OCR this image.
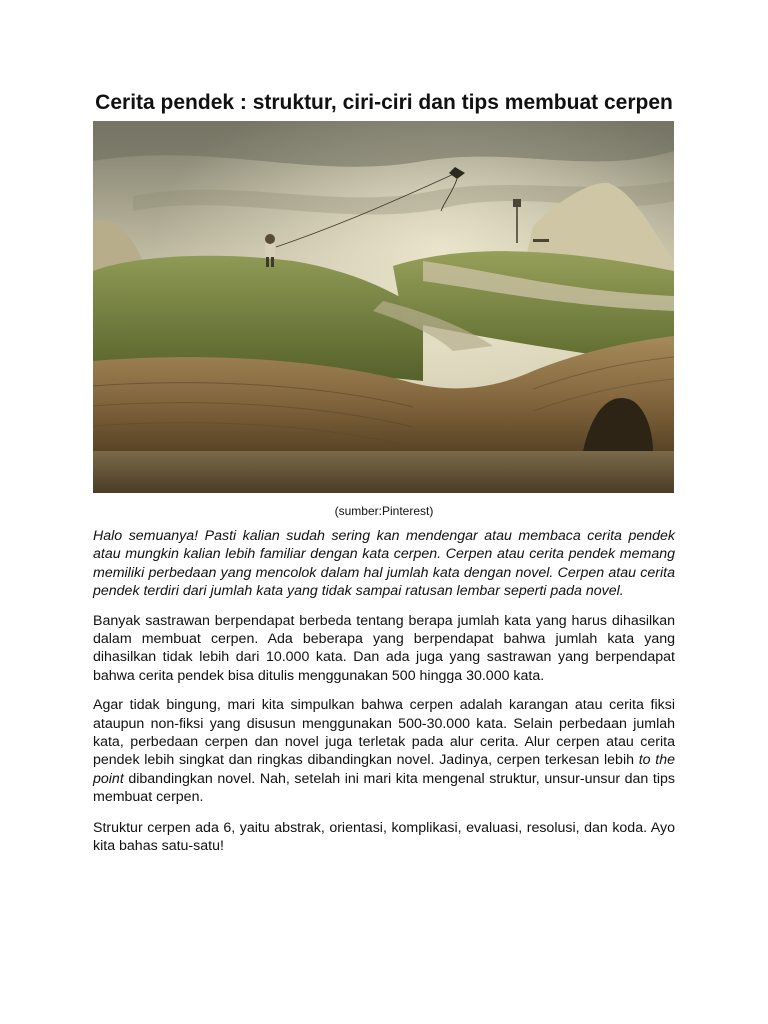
Cerita pendek : struktur, ciri-ciri dan tips membuat cerpen
(sumber:Pinterest)

Halo semuanya! Pasti kalian sudah sering kan mendengar atau membaca cerita pendek atau mungkin kalian lebih familiar dengan kata cerpen. Cerpen atau cerita pendek memang memiliki perbedaan yang mencolok dalam hal jumlah kata dengan novel. Cerpen atau cerita pendek terdiri dari jumlah kata yang tidak sampai ratusan lembar seperti pada novel.

Banyak sastrawan berpendapat berbeda tentang berapa jumlah kata yang harus dihasilkan dalam membuat cerpen. Ada beberapa yang berpendapat bahwa jumlah kata yang dihasilkan tidak lebih dari 10.000 kata. Dan ada juga yang sastrawan yang berpendapat bahwa cerita pendek bisa ditulis menggunakan 500 hingga 30.000 kata.

Agar tidak bingung, mari kita simpulkan bahwa cerpen adalah karangan atau cerita fiksi ataupun non-fiksi yang disusun menggunakan 500-30.000 kata. Selain perbedaan jumlah kata, perbedaan cerpen dan novel juga terletak pada alur cerita. Alur cerpen atau cerita pendek lebih singkat dan ringkas dibandingkan novel. Jadinya, cerpen terkesan lebih to the point dibandingkan novel. Nah, setelah ini mari kita mengenal struktur, unsur-unsur dan tips membuat cerpen.

Struktur cerpen ada 6, yaitu abstrak, orientasi, komplikasi, evaluasi, resolusi, dan koda. Ayo kita bahas satu-satu!
